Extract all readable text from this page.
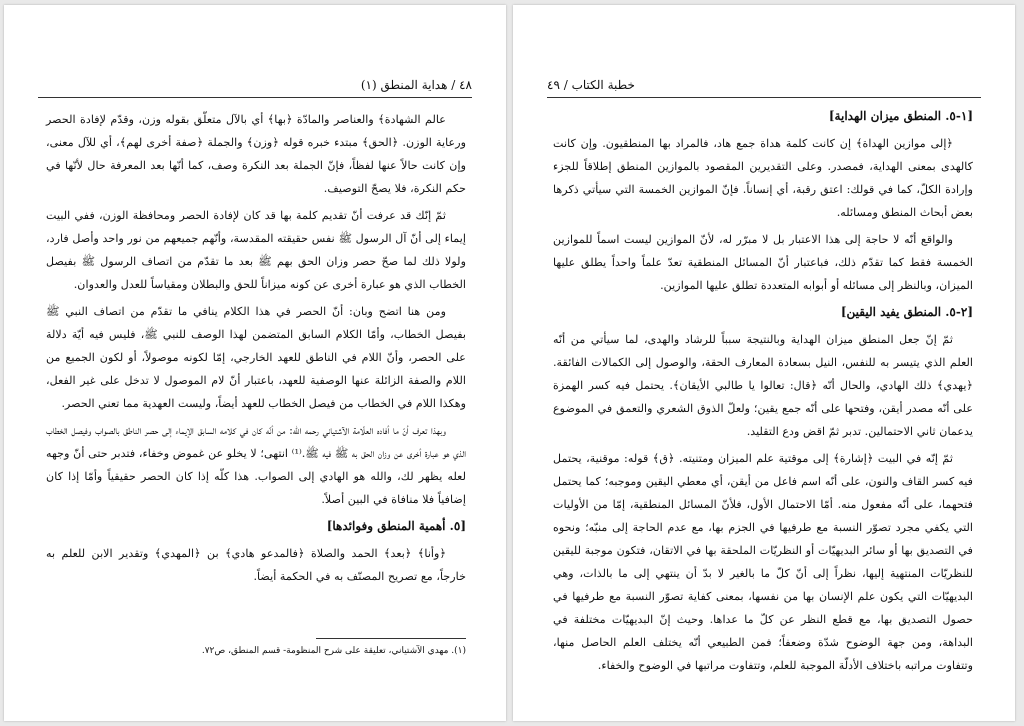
٤٨ / هداية المنطق (١)

عالم الشهادة﴾ والعناصر والمادّة ﴿بها﴾ أي بالآل متعلّق بقوله وزن، وقدّم لإفادة الحصر ورعاية الوزن. ﴿الحق﴾ مبتدء خبره قوله ﴿وزن﴾ والجملة ﴿صفة أخرى لهم﴾، أي للآل معنى، وإن كانت حالاً عنها لفظاً، فإنّ الجملة بعد النكرة وصف، كما أنّها بعد المعرفة حال لأنّها في حكم النكرة، فلا يصحّ التوصيف.

ثمّ إنّك قد عرفت أنّ تقديم كلمة بها قد كان لإفادة الحصر ومحافظة الوزن، ففي البيت إيماء إلى أنّ آل الرسول ﷺ نفس حقيقته المقدسة، وأنّهم جميعهم من نور واحد وأصل فارد، ولولا ذلك لما صحّ حصر وزان الحق بهم ﷺ بعد ما تقدّم من اتصاف الرسول ﷺ بفيصل الخطاب الذي هو عبارة أخرى عن كونه ميزاناً للحق والبطلان ومقياساً للعدل والعدوان.

ومن هنا اتضح وبان: أنّ الحصر في هذا الكلام ينافي ما تقدّم من اتصاف النبي ﷺ بفيصل الخطاب، وأمّا الكلام السابق المتضمن لهذا الوصف للنبي ﷺ، فليس فيه أيّة دلالة على الحصر، وأنّ اللام في الناطق للعهد الخارجي، إمّا لكونه موصولاً، أو لكون الجميع من اللام والصفة الزائلة عنها الوصفية للعهد، باعتبار أنّ لام الموصول لا تدخل على غير الفعل، وهكذا اللام في الخطاب من فيصل الخطاب للعهد أيضاً، وليست العهدية مما تعني الحصر.

وبهذا تعرف أنّ ما أفاده العلّامة الآشتياني رحمه الله: من أنّه كان في كلامه السابق الإيماء إلى حصر الناطق بالصواب وفيصل الخطاب الذي هو عبارة أخرى عن وزان الحق به ﷺ فيه ﷺ.⁽¹⁾ انتهى؛ لا يخلو عن غموض وخفاء، فتدبر حتى أنّ وجهه لعله يظهر لك، والله هو الهادي إلى الصواب. هذا كلّه إذا كان الحصر حقيقياً وأمّا إذا كان إضافياً فلا منافاة في البين أصلاً.

[٥. أهمية المنطق وفوائدها]

﴿وأنا﴾ ﴿بعد﴾ الحمد والصلاة ﴿فالمدعو هادي﴾ بن ﴿المهدي﴾ وتقدير الابن للعلم به خارجاً، مع تصريح المصنّف به في الحكمة أيضاً.

(١). مهدي الآشتياني، تعليقة على شرح المنظومة- قسم المنطق، ص٧٢.
خطبة الكتاب / ٤٩

[١-٥. المنطق ميزان الهداية]

﴿إلى موازين الهداة﴾ إن كانت كلمة هداة جمع هاد، فالمراد بها المنطقيون. وإن كانت كالهدى بمعنى الهداية، فمصدر. وعلى التقديرين المقصود بالموازين المنطق إطلاقاً للجزء وإرادة الكلّ، كما في قولك: اعتق رقبة، أي إنساناً. فإنّ الموازين الخمسة التي سيأتي ذكرها بعض أبحاث المنطق ومسائله.

والواقع أنّه لا حاجة إلى هذا الاعتبار بل لا مبرّر له، لأنّ الموازين ليست اسماً للموازين الخمسة فقط كما تقدّم ذلك، فباعتبار أنّ المسائل المنطقية تعدّ علماً واحداً يطلق عليها الميزان، وبالنظر إلى مسائله أو أبوابه المتعددة تطلق عليها الموازين.

[٢-٥. المنطق يفيد اليقين]

ثمّ إنّ جعل المنطق ميزان الهداية وبالنتيجة سبباً للرشاد والهدى، لما سيأتي من أنّه العلم الذي يتيسر به للنفس، النيل بسعادة المعارف الحقة، والوصول إلى الكمالات الفائقة. ﴿يهدي﴾ ذلك الهادي، والحال أنّه ﴿قال: تعالوا يا طالبي الأيقان﴾. يحتمل فيه كسر الهمزة على أنّه مصدر أيقن، وفتحها على أنّه جمع يقين؛ ولعلّ الذوق الشعري والتعمق في الموضوع يدعمان ثاني الاحتمالين. تدبر ثمّ اقض ودع التقليد.

ثمّ إنّه في البيت ﴿إشارة﴾ إلى موقتية علم الميزان ومتنيته. ﴿ق﴾ قوله: موقنية، يحتمل فيه كسر القاف والنون، على أنّه اسم فاعل من أيقن، أي معطي اليقين وموجبه؛ كما يحتمل فتحهما، على أنّه مفعول منه. أمّا الاحتمال الأول، فلأنّ المسائل المنطقية، إمّا من الأوليات التي يكفي مجرد تصوّر النسبة مع طرفيها في الجزم بها، مع عدم الحاجة إلى منبّه؛ ونحوه في التصديق بها أو سائر البديهيّات أو النظريّات الملحقة بها في الاتقان، فتكون موجبة لليقين للنظريّات المنتهية إليها، نظراً إلى أنّ كلّ ما بالغير لا بدّ أن ينتهي إلى ما بالذات، وهي البديهيّات التي يكون علم الإنسان بها من نفسها، بمعنى كفاية تصوّر النسبة مع طرفيها في حصول التصديق بها، مع قطع النظر عن كلّ ما عداها. وحيث إنّ البديهيّات مختلفة في البداهة، ومن جهة الوضوح شدّة وضعفاً؛ فمن الطبيعي أنّه يختلف العلم الحاصل منها، وتتفاوت مراتبه باختلاف الأدلّة الموجبة للعلم، وتتفاوت مراتبها في الوضوح والخفاء.
